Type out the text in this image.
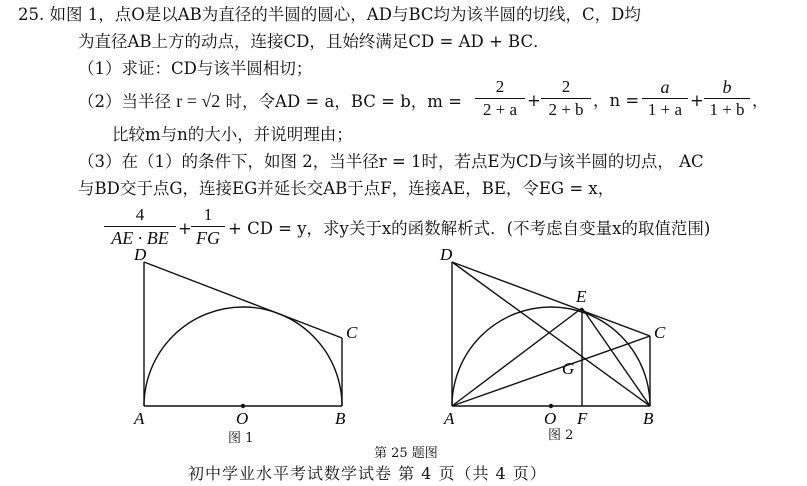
25. 如图 1，点O是以AB为直径的半圆的圆心，AD与BC均为该半圆的切线，C，D均
为直径AB上方的动点，连接CD，且始终满足CD = AD + BC．
（1）求证：CD与该半圆相切；
（2）当半径 r = √2 时，令AD = a，BC = b，m =
2
2 + a +
2
2 + b ，n =
a
1 + a +
b
1 + b ，
比较m与n的大小，并说明理由；
（3）在（1）的条件下，如图 2，当半径r = 1时，若点E为CD与该半圆的切点， AC
与BD交于点G，连接EG并延长交AB于点F，连接AE，BE，令EG = x，
4
AE · BE +
1
FG + CD = y，求y关于x的函数解析式．(不考虑自变量x的取值范围)
D
C
A	O	B
图 1
D
E
C
G
A	O F	B
图 2
第 25 题图
初中学业水平考试数学试卷 第 4 页（共 4 页）
